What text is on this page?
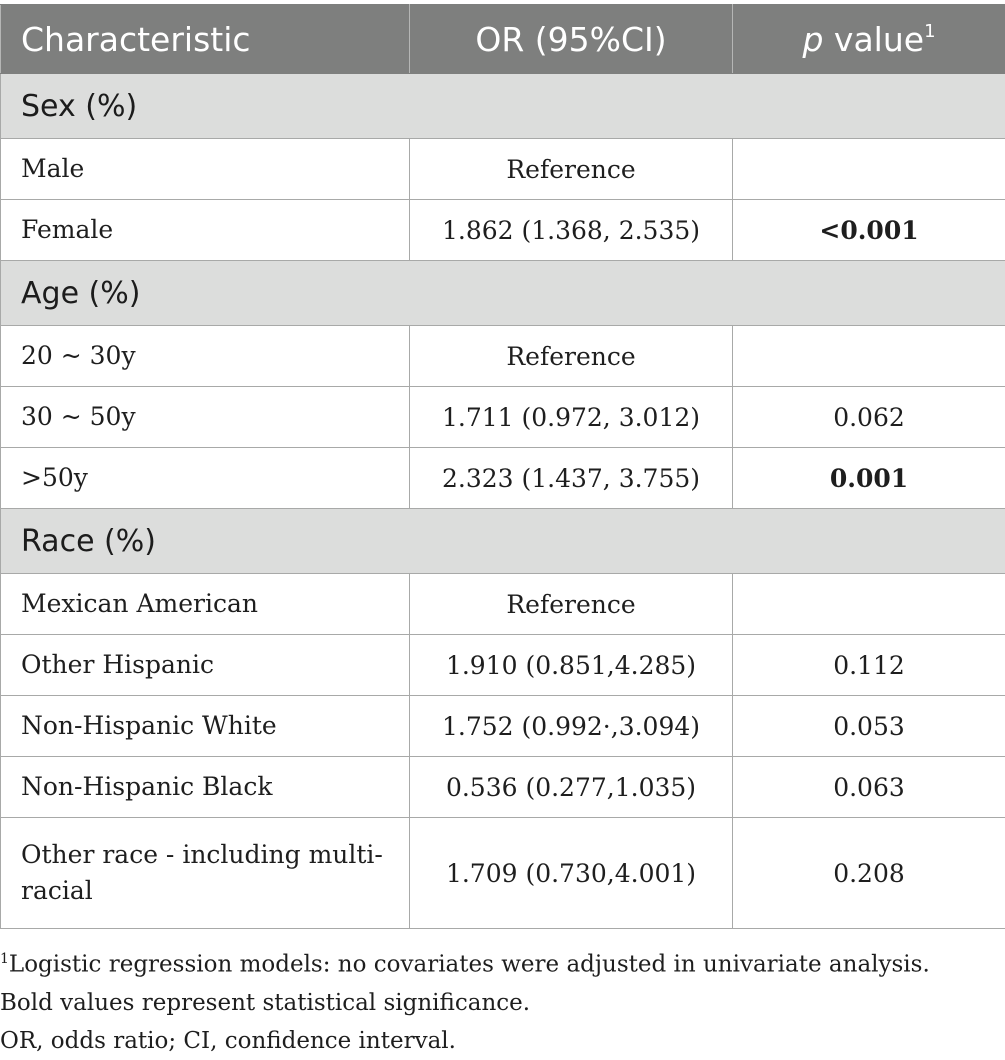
Characteristic	OR (95%CI)	p value$^1$
Sex (%)		
Male	Reference	
Female	1.862 (1.368, 2.535)	<0.001
Age (%)		
20 ~ 30y	Reference	
30 ~ 50y	1.711 (0.972, 3.012)	0.062
>50y	2.323 (1.437, 3.755)	0.001
Race (%)		
Mexican American	Reference	
Other Hispanic	1.910 (0.851,4.285)	0.112
Non-Hispanic White	1.752 (0.992·,3.094)	0.053
Non-Hispanic Black	0.536 (0.277,1.035)	0.063
Other race - including multi-
racial	1.709 (0.730,4.001)	0.208
$^1$Logistic regression models: no covariates were adjusted in univariate analysis.
Bold values represent statistical significance.
OR, odds ratio; CI, confidence interval.
